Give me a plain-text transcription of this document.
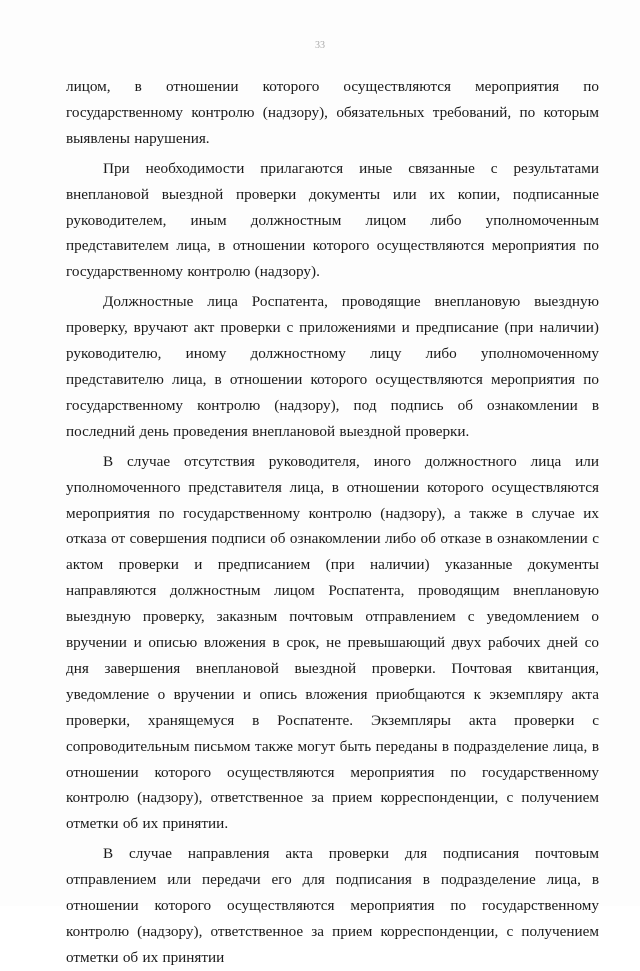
33

лицом, в отношении которого осуществляются мероприятия по государственному контролю (надзору), обязательных требований, по которым выявлены нарушения.

При необходимости прилагаются иные связанные с результатами внеплановой выездной проверки документы или их копии, подписанные руководителем, иным должностным лицом либо уполномоченным представителем лица, в отношении которого осуществляются мероприятия по государственному контролю (надзору).

Должностные лица Роспатента, проводящие внеплановую выездную проверку, вручают акт проверки с приложениями и предписание (при наличии) руководителю, иному должностному лицу либо уполномоченному представителю лица, в отношении которого осуществляются мероприятия по государственному контролю (надзору), под подпись об ознакомлении в последний день проведения внеплановой выездной проверки.

В случае отсутствия руководителя, иного должностного лица или уполномоченного представителя лица, в отношении которого осуществляются мероприятия по государственному контролю (надзору), а также в случае их отказа от совершения подписи об ознакомлении либо об отказе в ознакомлении с актом проверки и предписанием (при наличии) указанные документы направляются должностным лицом Роспатента, проводящим внеплановую выездную проверку, заказным почтовым отправлением с уведомлением о вручении и описью вложения в срок, не превышающий двух рабочих дней со дня завершения внеплановой выездной проверки. Почтовая квитанция, уведомление о вручении и опись вложения приобщаются к экземпляру акта проверки, хранящемуся в Роспатенте. Экземпляры акта проверки с сопроводительным письмом также могут быть переданы в подразделение лица, в отношении которого осуществляются мероприятия по государственному контролю (надзору), ответственное за прием корреспонденции, с получением отметки об их принятии.

В случае направления акта проверки для подписания почтовым отправлением или передачи его для подписания в подразделение лица, в отношении которого осуществляются мероприятия по государственному контролю (надзору), ответственное за прием корреспонденции, с получением отметки об их принятии
